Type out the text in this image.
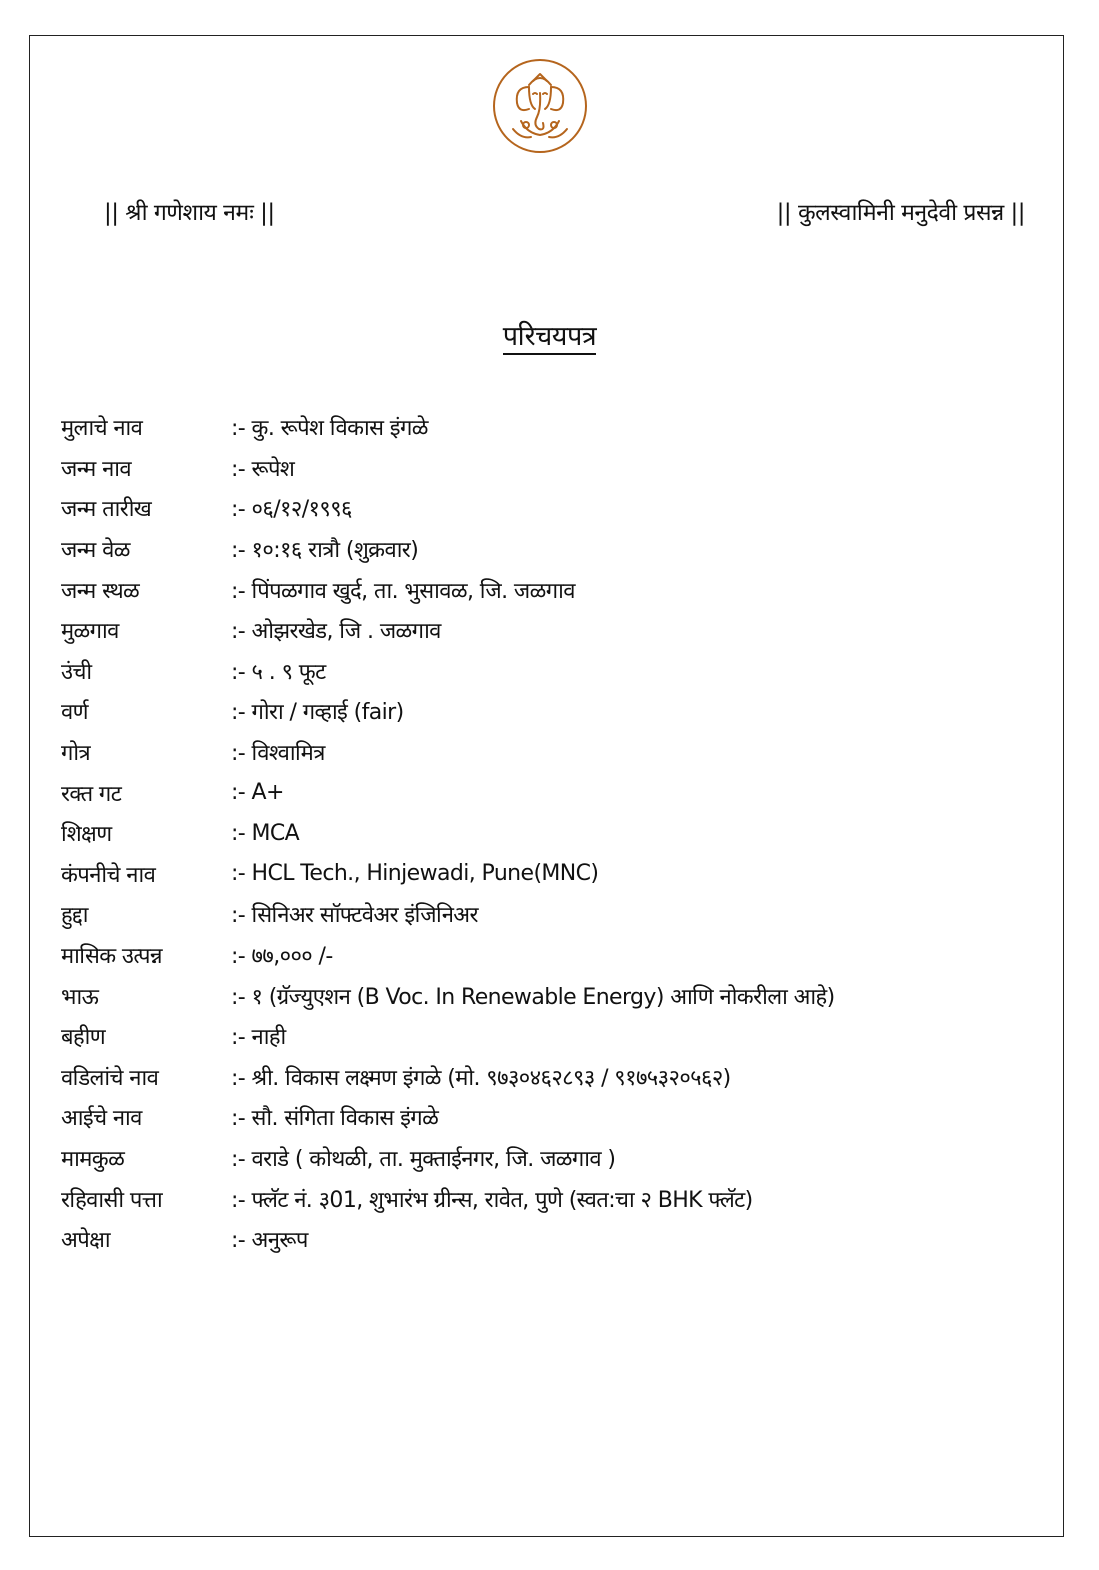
|| श्री गणेशाय नमः ||	|| कुलस्वामिनी मनुदेवी प्रसन्न ||
परिचयपत्र
मुलाचे नाव	:- कु. रूपेश विकास इंगळे
जन्म नाव	:- रूपेश
जन्म तारीख	:- ०६/१२/१९९६
जन्म वेळ	:- १०:१६ रात्रौ (शुक्रवार)
जन्म स्थळ	:- पिंपळगाव खुर्द, ता. भुसावळ, जि. जळगाव
मुळगाव	:- ओझरखेड, जि . जळगाव
उंची	:- ५ . ९ फूट
वर्ण	:- गोरा / गव्हाई (fair)
गोत्र	:- विश्वामित्र
रक्त गट	:- A+
शिक्षण	:- MCA
कंपनीचे नाव	:- HCL Tech., Hinjewadi, Pune(MNC)
हुद्दा	:- सिनिअर सॉफ्टवेअर इंजिनिअर
मासिक उत्पन्न	:- ७७,००० /-
भाऊ	:- १ (ग्रॅज्युएशन (B Voc. In Renewable Energy) आणि नोकरीला आहे)
बहीण	:- नाही
वडिलांचे नाव	:- श्री. विकास लक्ष्मण इंगळे (मो. ९७३०४६२८९३ / ९१७५३२०५६२)
आईचे नाव	:- सौ. संगिता विकास इंगळे
मामकुळ	:- वराडे ( कोथळी, ता. मुक्ताईनगर, जि. जळगाव )
रहिवासी पत्ता	:- फ्लॅट नं. ३01, शुभारंभ ग्रीन्स, रावेत, पुणे (स्वत:चा २ BHK फ्लॅट)
अपेक्षा	:- अनुरूप
